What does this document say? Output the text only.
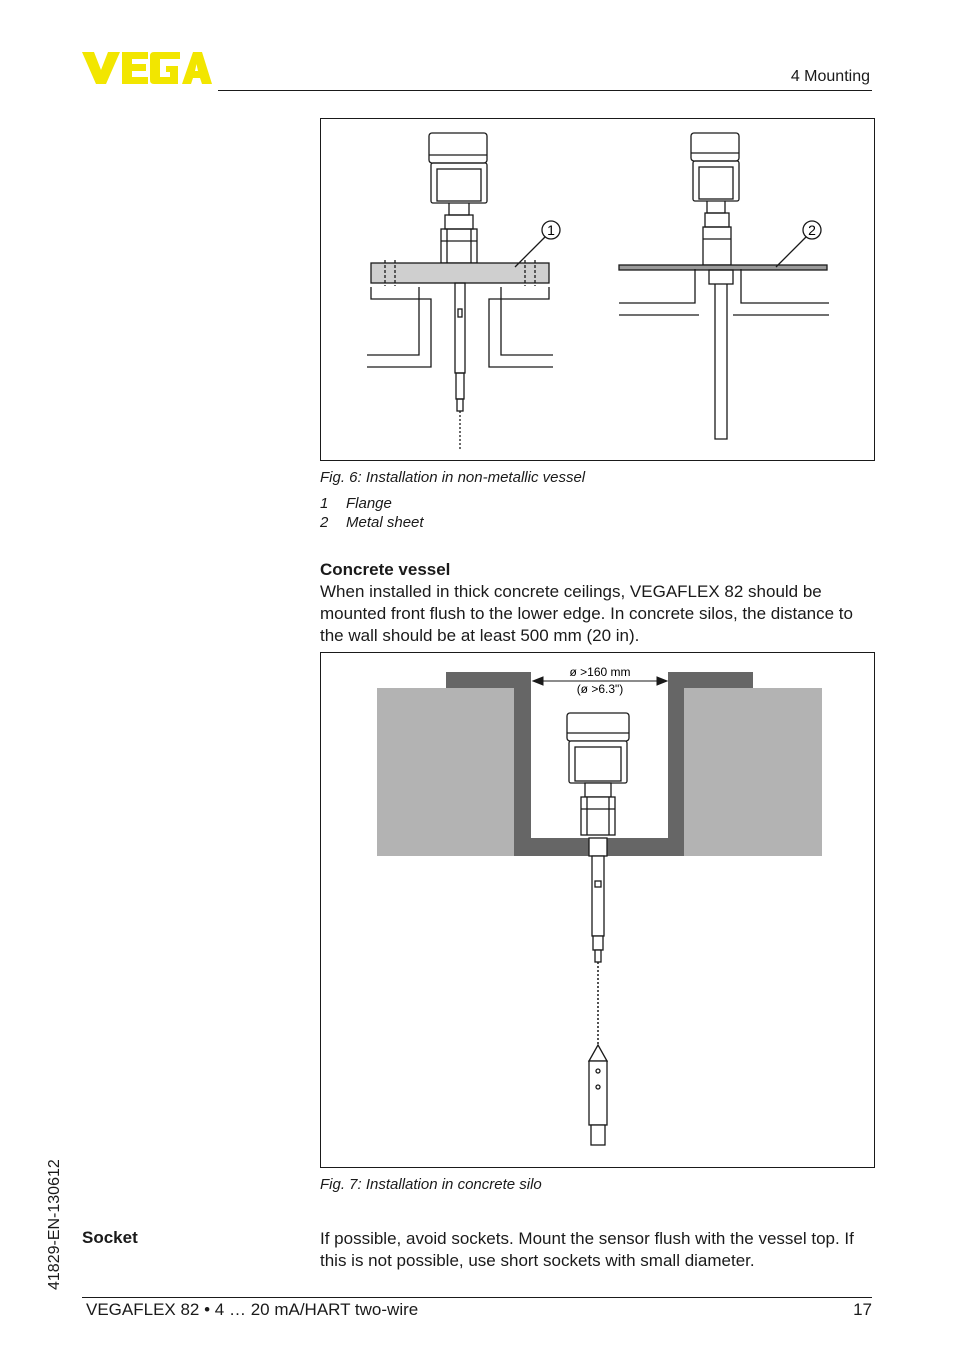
4 Mounting
1	2
Fig. 6: Installation in non-metallic vessel
1	Flange
2	Metal sheet
Concrete vessel
When installed in thick concrete ceilings, VEGAFLEX 82 should be mounted front flush to the lower edge. In concrete silos, the distance to the wall should be at least 500 mm (20 in).
ø >160 mm
(ø >6.3")
Fig. 7: Installation in concrete silo
Socket	If possible, avoid sockets. Mount the sensor flush with the vessel top. If this is not possible, use short sockets with small diameter.
41829-EN-130612
VEGAFLEX 82 • 4 … 20 mA/HART two-wire	17
